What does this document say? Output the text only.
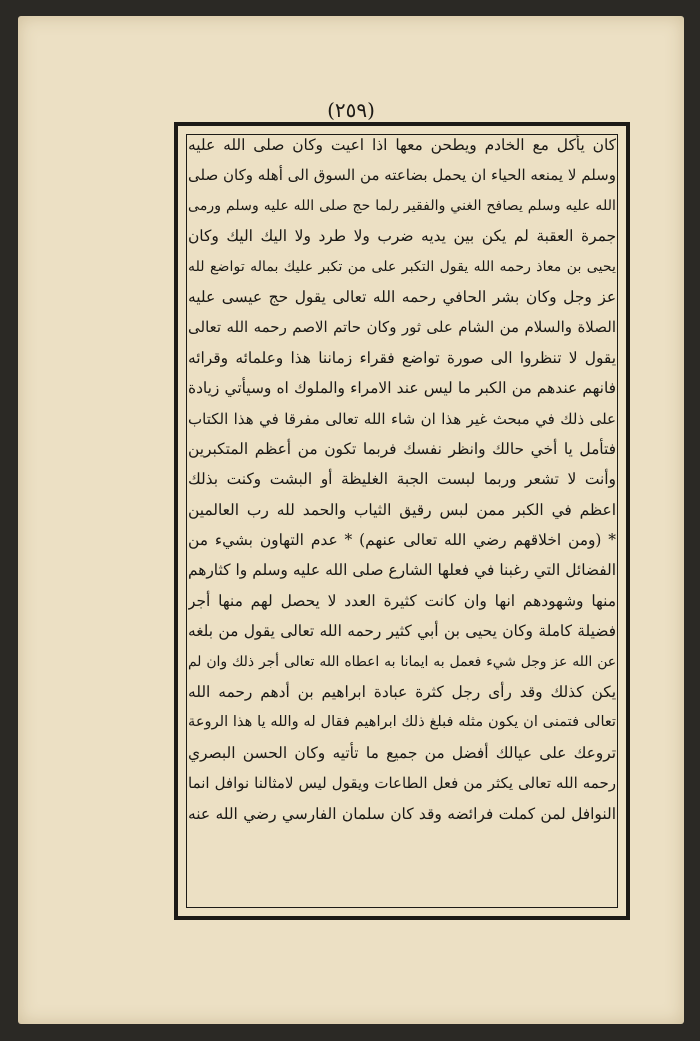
(٢٥٩)
كان يأكل مع الخادم ويطحن معها اذا اعيت وكان صلى الله عليه
وسلم لا يمنعه الحياء ان يحمل بضاعته من السوق الى أهله وكان صلى
الله عليه وسلم يصافح الغني والفقير رلما حج صلى الله عليه وسلم ورمى
جمرة العقبة لم يكن بين يديه ضرب ولا طرد ولا اليك اليك وكان
يحيى بن معاذ رحمه الله يقول التكبر على من تكبر عليك بماله تواضع لله
عز وجل وكان بشر الحافي رحمه الله تعالى يقول حج عيسى عليه
الصلاة والسلام من الشام على ثور وكان حاتم الاصم رحمه الله تعالى
يقول لا تنظروا الى صورة تواضع فقراء زماننا هذا وعلمائه وقرائه
فانهم عندهم من الكبر ما ليس عند الامراء والملوك اه وسيأتي زيادة
على ذلك في مبحث غير هذا ان شاء الله تعالى مفرقا في هذا الكتاب
فتأمل يا أخي حالك وانظر نفسك فربما تكون من أعظم المتكبرين
وأنت لا تشعر وربما لبست الجبة الغليظة أو البشت وكنت بذلك
اعظم في الكبر ممن لبس رقيق الثياب والحمد لله رب العالمين
* (ومن اخلاقهم رضي الله تعالى عنهم) * عدم التهاون بشيء من
الفضائل التي رغبنا في فعلها الشارع صلى الله عليه وسلم وا كثارهم
منها وشهودهم انها وان كانت كثيرة العدد لا يحصل لهم منها أجر
فضيلة كاملة وكان يحيى بن أبي كثير رحمه الله تعالى يقول من بلغه
عن الله عز وجل شيء فعمل به ايمانا به اعطاه الله تعالى أجر ذلك وان لم
يكن كذلك وقد رأى رجل كثرة عبادة ابراهيم بن أدهم رحمه الله
تعالى فتمنى ان يكون مثله فبلغ ذلك ابراهيم فقال له والله يا هذا الروعة
تروعك على عيالك أفضل من جميع ما تأتيه وكان الحسن البصري
رحمه الله تعالى يكثر من فعل الطاعات ويقول ليس لامثالنا نوافل انما
النوافل لمن كملت فرائضه وقد كان سلمان الفارسي رضي الله عنه
